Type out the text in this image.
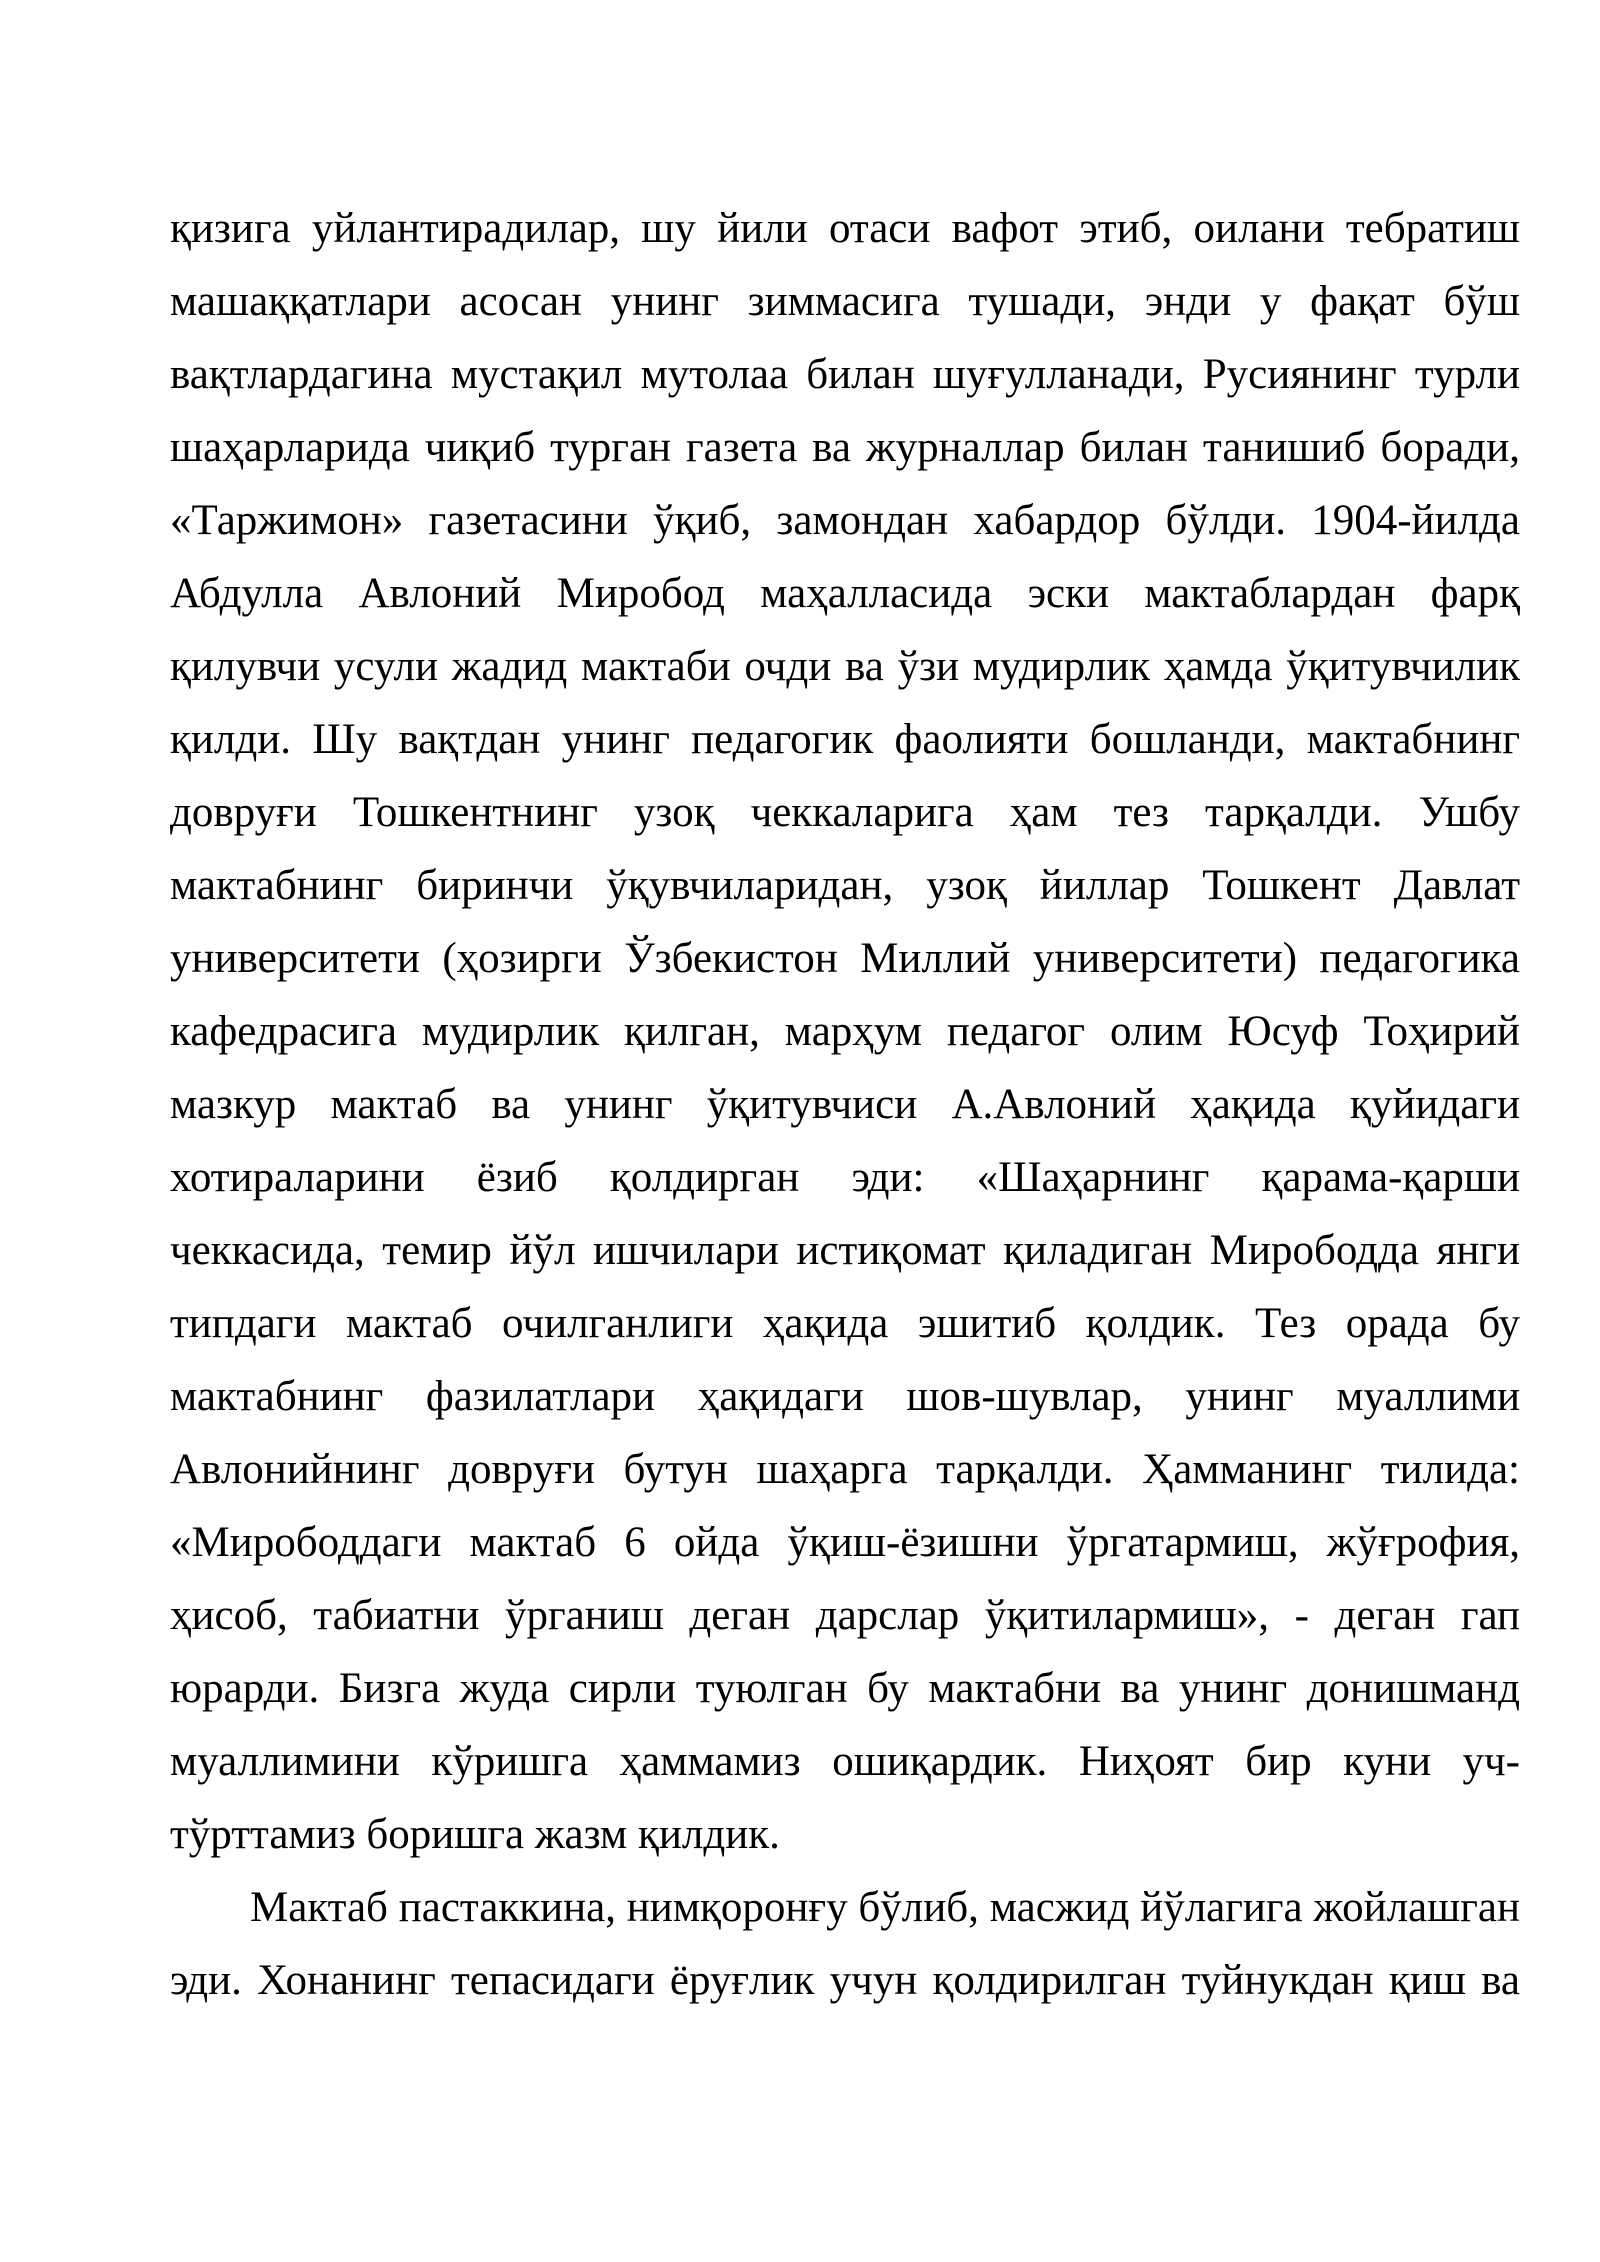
қизига уйлантирадилар, шу йили отаси вафот этиб, оилани тебратиш
машаққатлари асосан унинг зиммасига тушади, энди у фақат бўш
вақтлардагина мустақил мутолаа билан шуғулланади, Русиянинг турли
шаҳарларида чиқиб турган газета ва журналлар билан танишиб боради,
«Таржимон» газетасини ўқиб, замондан хабардор бўлди. 1904-йилда
Абдулла Авлоний Миробод маҳалласида эски мактаблардан фарқ
қилувчи усули жадид мактаби очди ва ўзи мудирлик ҳамда ўқитувчилик
қилди. Шу вақтдан унинг педагогик фаолияти бошланди, мактабнинг
довруғи Тошкентнинг узоқ чеккаларига ҳам тез тарқалди. Ушбу
мактабнинг биринчи ўқувчиларидан, узоқ йиллар Тошкент Давлат
университети (ҳозирги Ўзбекистон Миллий университети) педагогика
кафедрасига мудирлик қилган, марҳум педагог олим Юсуф Тоҳирий
мазкур мактаб ва унинг ўқитувчиси А.Авлоний ҳақида қуйидаги
хотираларини ёзиб қолдирган эди: «Шаҳарнинг қарама-қарши
чеккасида, темир йўл ишчилари истиқомат қиладиган Мирободда янги
типдаги мактаб очилганлиги ҳақида эшитиб қолдик. Тез орада бу
мактабнинг фазилатлари ҳақидаги шов-шувлар, унинг муаллими
Авлонийнинг довруғи бутун шаҳарга тарқалди. Ҳамманинг тилида:
«Мирободдаги мактаб 6 ойда ўқиш-ёзишни ўргатармиш, жўғрофия,
ҳисоб, табиатни ўрганиш деган дарслар ўқитилармиш», - деган гап
юрарди. Бизга жуда сирли туюлган бу мактабни ва унинг донишманд
муаллимини кўришга ҳаммамиз ошиқардик. Ниҳоят бир куни уч-
тўрттамиз боришга жазм қилдик.
Мактаб пастаккина, нимқоронғу бўлиб, масжид йўлагига жойлашган
эди. Хонанинг тепасидаги ёруғлик учун қолдирилган туйнукдан қиш ва
